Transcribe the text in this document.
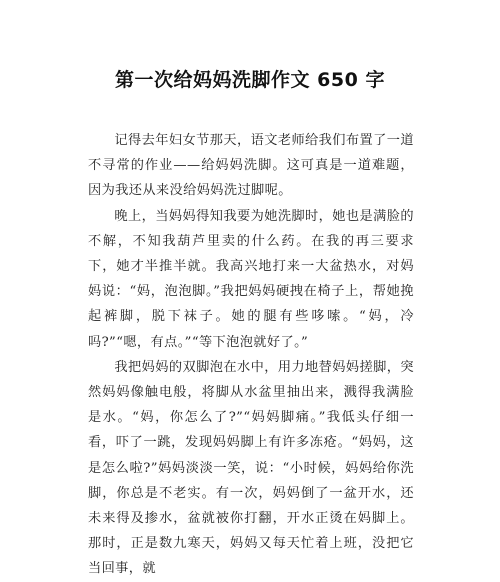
第一次给妈妈洗脚作文 650 字

记得去年妇女节那天，语文老师给我们布置了一道不寻常的作业——给妈妈洗脚。这可真是一道难题，因为我还从来没给妈妈洗过脚呢。

晚上，当妈妈得知我要为她洗脚时，她也是满脸的不解，不知我葫芦里卖的什么药。在我的再三要求下，她才半推半就。我高兴地打来一大盆热水，对妈妈说：“妈，泡泡脚。”我把妈妈硬拽在椅子上，帮她挽起裤脚，脱下袜子。她的腿有些哆嗦。“妈，冷吗?”“嗯，有点。”“等下泡泡就好了。”

我把妈妈的双脚泡在水中，用力地替妈妈搓脚，突然妈妈像触电般，将脚从水盆里抽出来，溅得我满脸是水。“妈，你怎么了?”“妈妈脚痛。”我低头仔细一看，吓了一跳，发现妈妈脚上有许多冻疮。“妈妈，这是怎么啦?”妈妈淡淡一笑，说：“小时候，妈妈给你洗脚，你总是不老实。有一次，妈妈倒了一盆开水，还未来得及掺水，盆就被你打翻，开水正烫在妈脚上。那时，正是数九寒天，妈妈又每天忙着上班，没把它当回事，就
